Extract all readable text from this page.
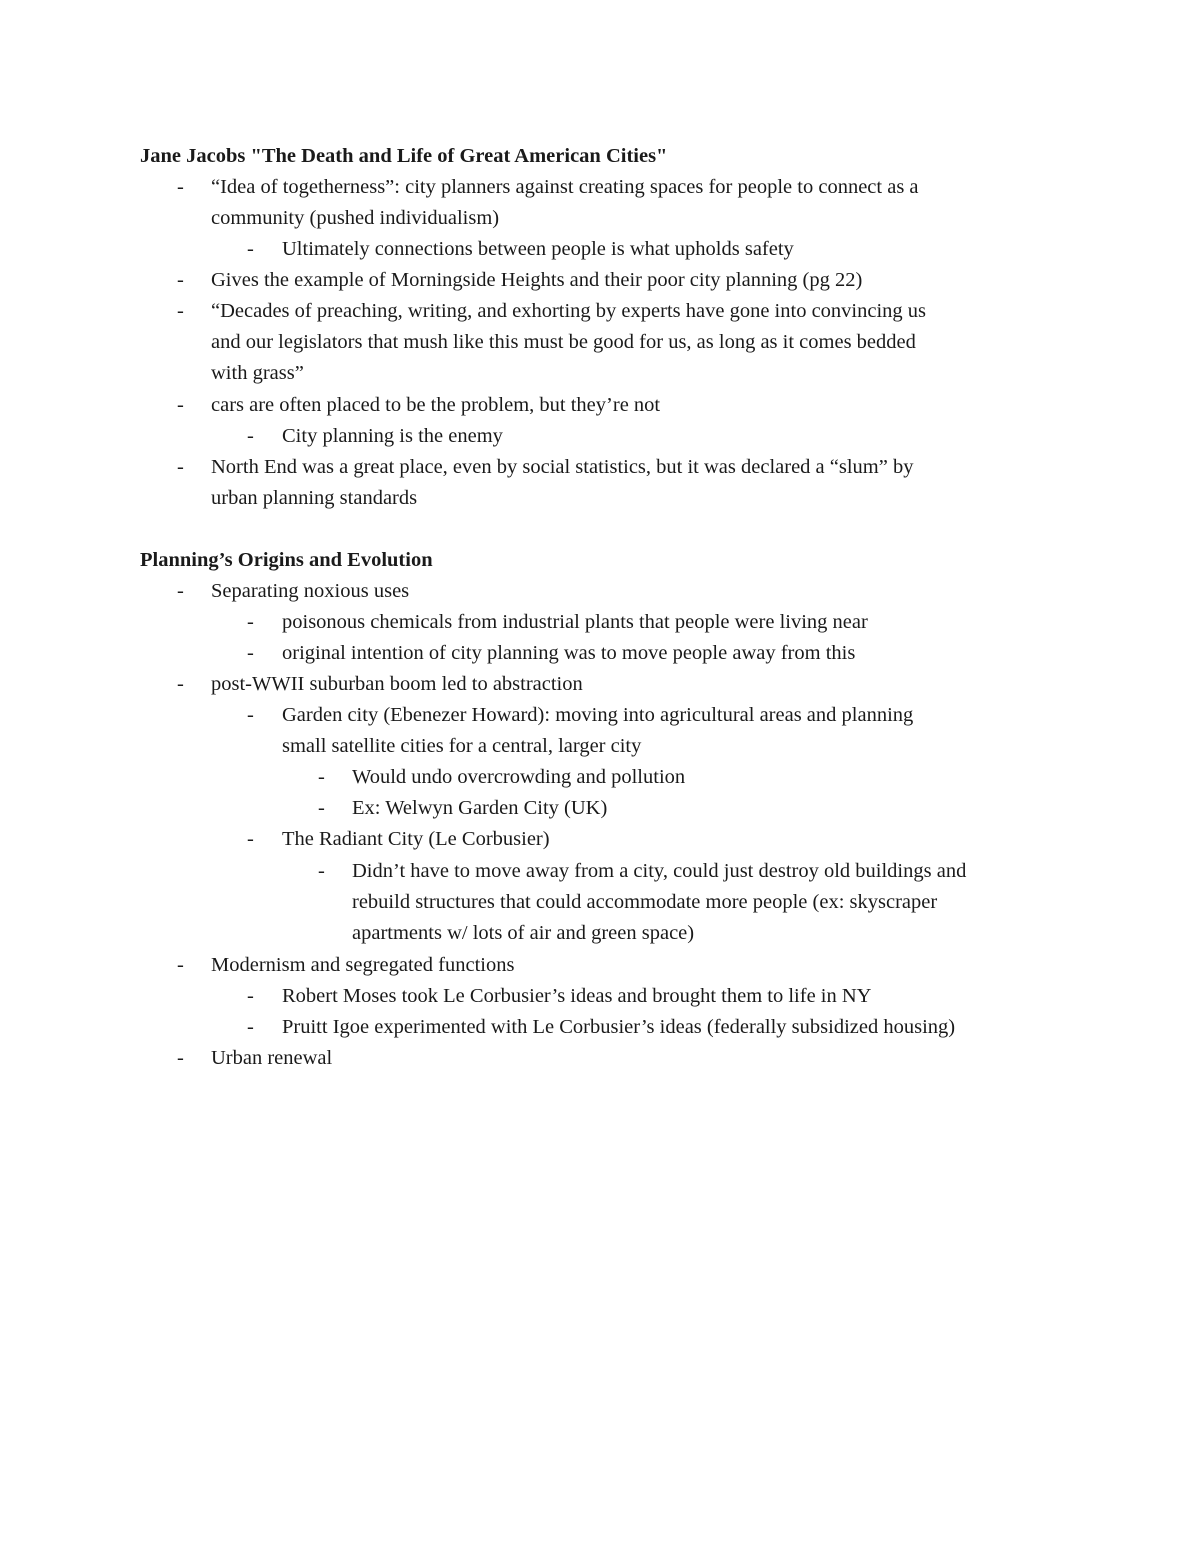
Jane Jacobs "The Death and Life of Great American Cities"
- “Idea of togetherness”: city planners against creating spaces for people to connect as a
community (pushed individualism)
- Ultimately connections between people is what upholds safety
- Gives the example of Morningside Heights and their poor city planning (pg 22)
- “Decades of preaching, writing, and exhorting by experts have gone into convincing us
and our legislators that mush like this must be good for us, as long as it comes bedded
with grass”
- cars are often placed to be the problem, but they’re not
- City planning is the enemy
- North End was a great place, even by social statistics, but it was declared a “slum” by
urban planning standards
Planning’s Origins and Evolution
- Separating noxious uses
- poisonous chemicals from industrial plants that people were living near
- original intention of city planning was to move people away from this
- post-WWII suburban boom led to abstraction
- Garden city (Ebenezer Howard): moving into agricultural areas and planning
small satellite cities for a central, larger city
- Would undo overcrowding and pollution
- Ex: Welwyn Garden City (UK)
- The Radiant City (Le Corbusier)
- Didn’t have to move away from a city, could just destroy old buildings and
rebuild structures that could accommodate more people (ex: skyscraper
apartments w/ lots of air and green space)
- Modernism and segregated functions
- Robert Moses took Le Corbusier’s ideas and brought them to life in NY
- Pruitt Igoe experimented with Le Corbusier’s ideas (federally subsidized housing)
- Urban renewal
